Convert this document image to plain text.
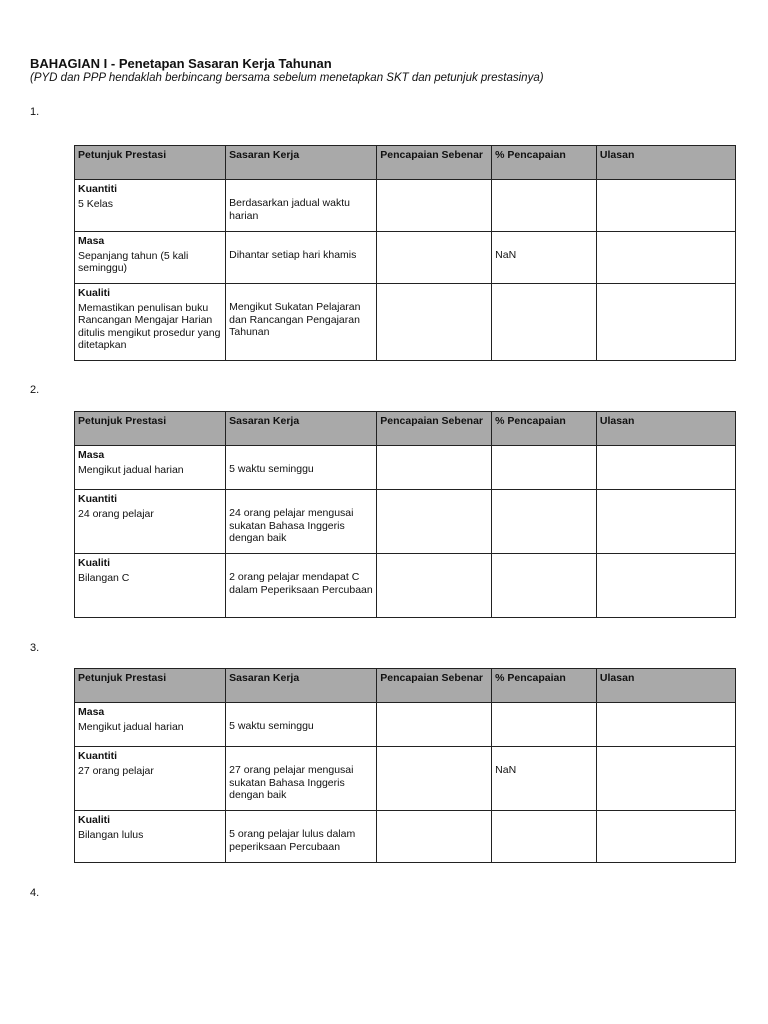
BAHAGIAN I - Penetapan Sasaran Kerja Tahunan
(PYD dan PPP hendaklah berbincang bersama sebelum menetapkan SKT dan petunjuk prestasinya)
1.
Petunjuk Prestasi	Sasaran Kerja	Pencapaian Sebenar	% Pencapaian	Ulasan

Kuantiti
5 Kelas	Berdasarkan jadual waktu harian	

Masa
Sepanjang tahun (5 kali seminggu)	Dihantar setiap hari khamis		NaN	

Kualiti
Memastikan penulisan buku Rancangan Mengajar Harian ditulis mengikut prosedur yang ditetapkan	Mengikut Sukatan Pelajaran dan Rancangan Pengajaran Tahunan	

2.
Petunjuk Prestasi	Sasaran Kerja	Pencapaian Sebenar	% Pencapaian	Ulasan

Masa
Mengikut jadual harian	5 waktu seminggu	

Kuantiti
24 orang pelajar	24 orang pelajar mengusai sukatan Bahasa Inggeris dengan baik	

Kualiti
Bilangan C	2 orang pelajar mendapat C dalam Peperiksaan Percubaan	

3.
Petunjuk Prestasi	Sasaran Kerja	Pencapaian Sebenar	% Pencapaian	Ulasan

Masa
Mengikut jadual harian	5 waktu seminggu	

Kuantiti
27 orang pelajar	27 orang pelajar mengusai sukatan Bahasa Inggeris dengan baik		NaN	

Kualiti
Bilangan lulus	5 orang pelajar lulus dalam peperiksaan Percubaan	

4.
